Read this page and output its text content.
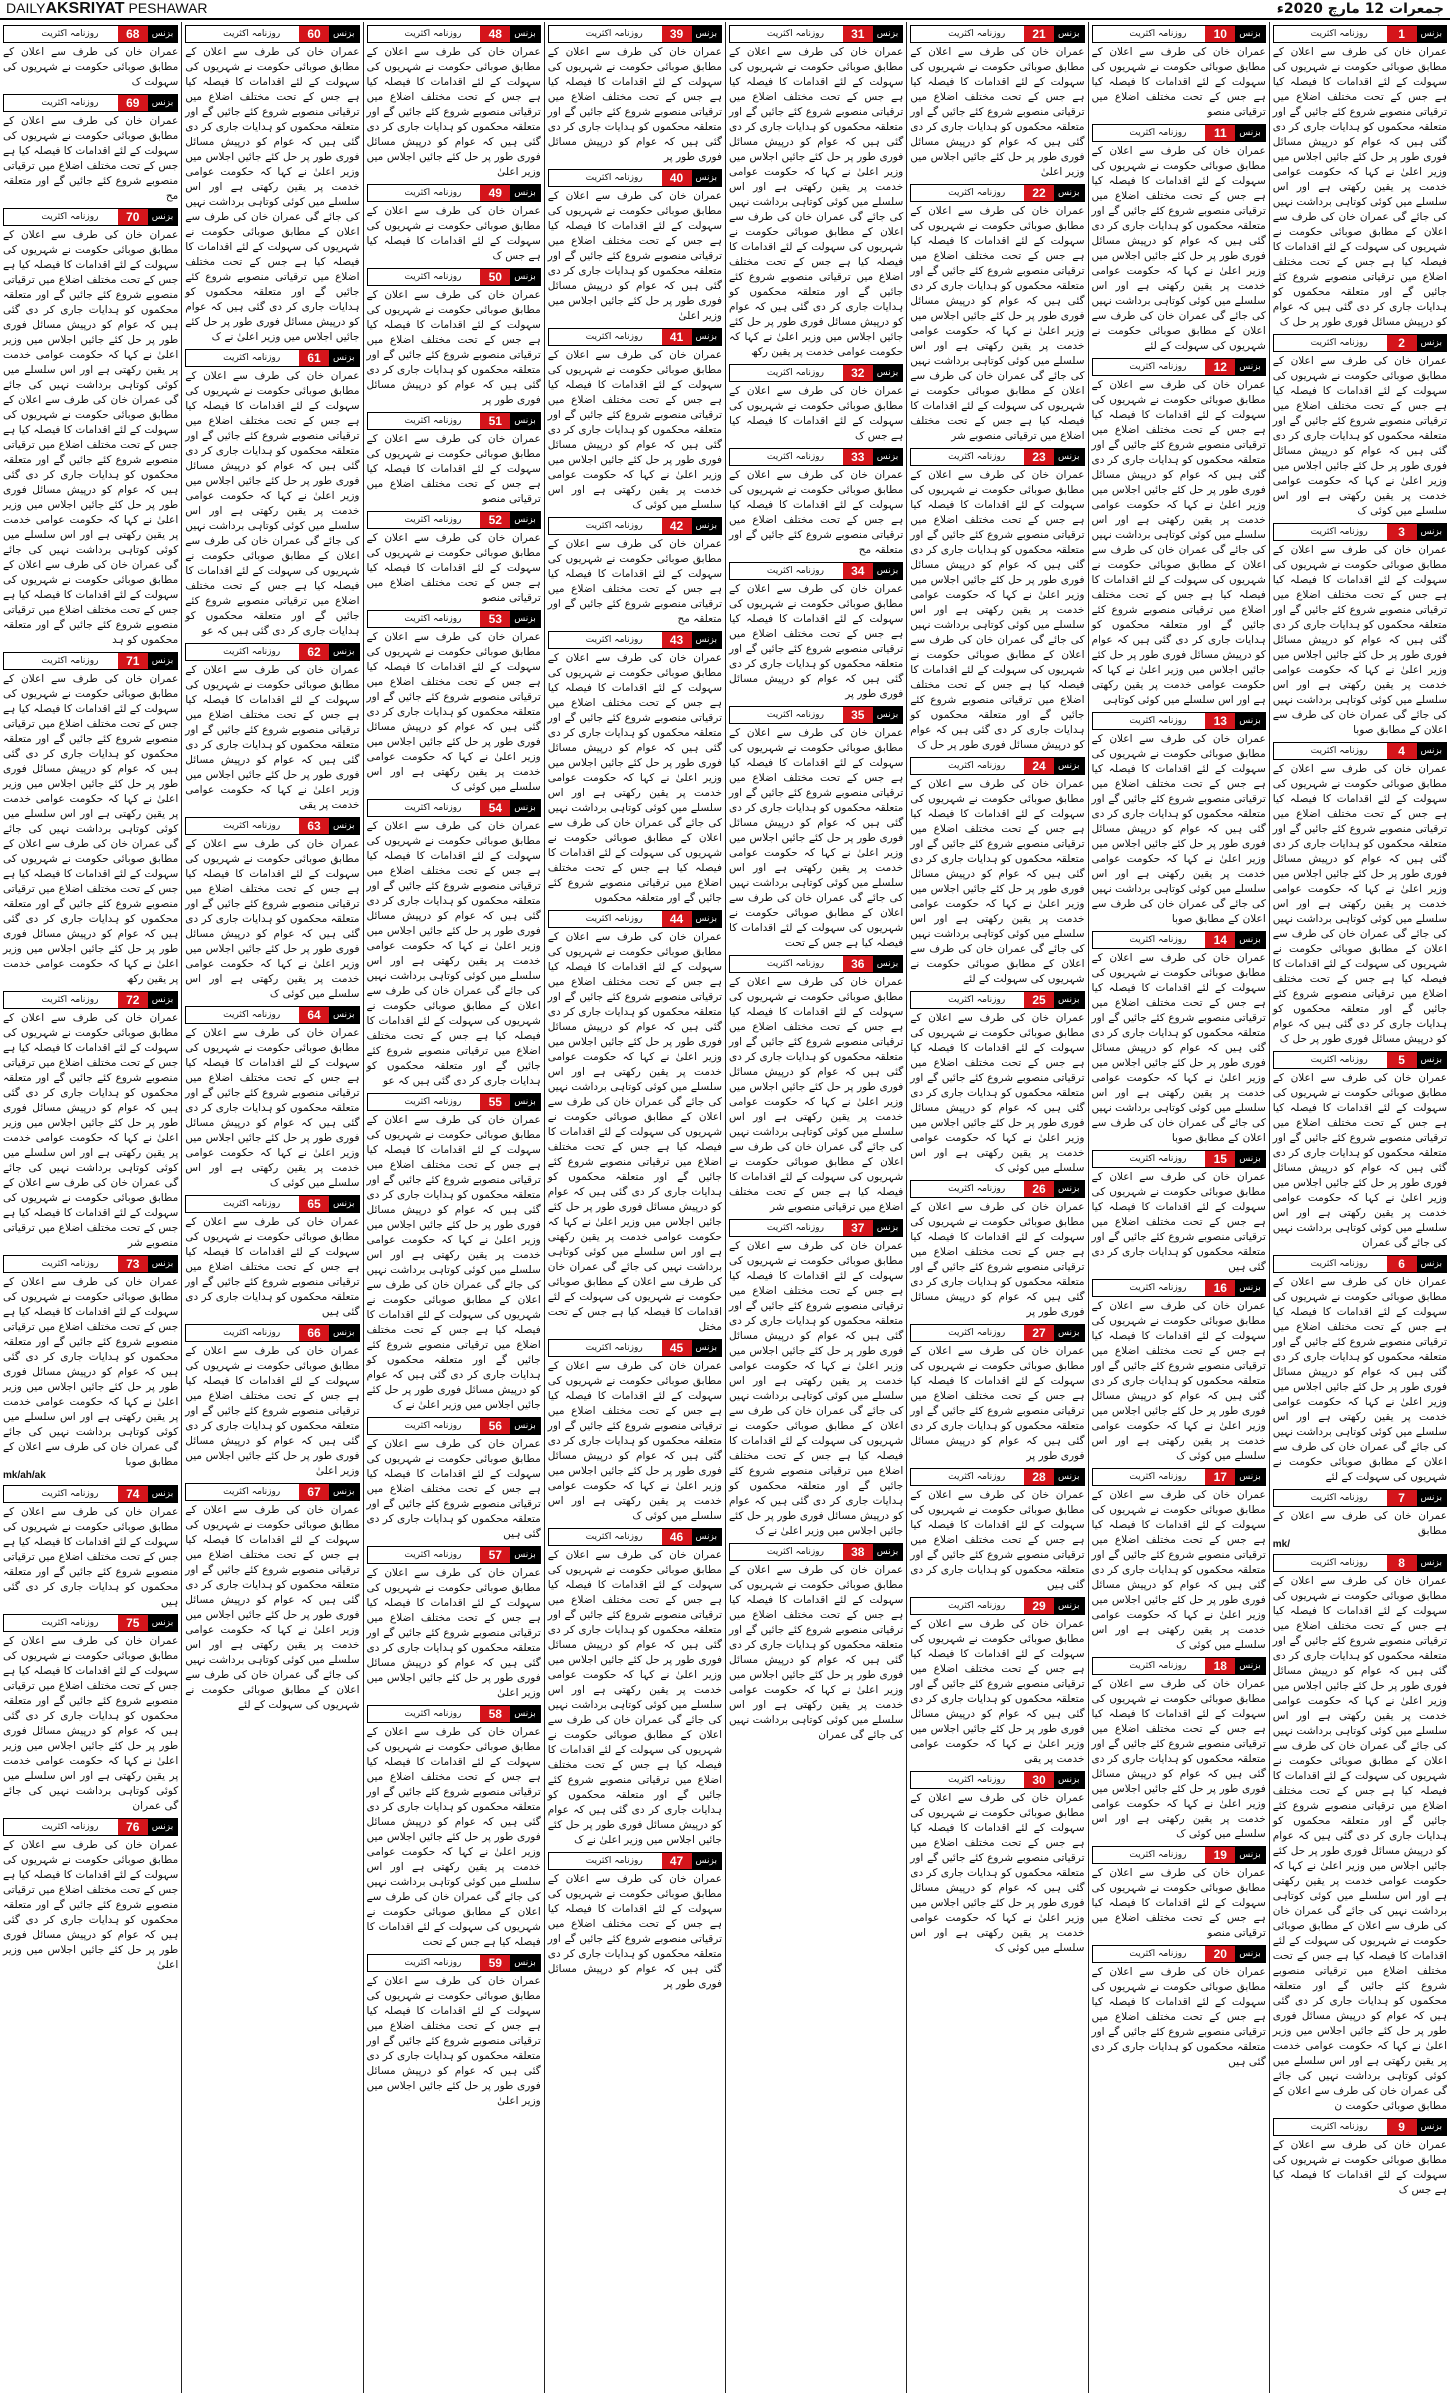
DAILYAKSRIYAT PESHAWAR	جمعرات 12 مارچ 2020ء
بزنس
1
روزنامہ اکثریت
عمران خان کی طرف سے اعلان کے مطابق صوبائی حکومت نے شہریوں کی سہولت کے لئے اقدامات کا فیصلہ کیا ہے جس کے تحت مختلف اضلاع میں ترقیاتی منصوبے شروع کئے جائیں گے اور متعلقہ محکموں کو ہدایات جاری کر دی گئی ہیں کہ عوام کو درپیش مسائل فوری طور پر حل کئے جائیں اجلاس میں وزیر اعلیٰ نے کہا کہ حکومت عوامی خدمت پر یقین رکھتی ہے اور اس سلسلے میں کوئی کوتاہی برداشت نہیں کی جائے گی عمران خان کی طرف سے اعلان کے مطابق صوبائی حکومت نے شہریوں کی سہولت کے لئے اقدامات کا فیصلہ کیا ہے جس کے تحت مختلف اضلاع میں ترقیاتی منصوبے شروع کئے جائیں گے اور متعلقہ محکموں کو ہدایات جاری کر دی گئی ہیں کہ عوام کو درپیش مسائل فوری طور پر حل ک
بزنس
2
روزنامہ اکثریت
عمران خان کی طرف سے اعلان کے مطابق صوبائی حکومت نے شہریوں کی سہولت کے لئے اقدامات کا فیصلہ کیا ہے جس کے تحت مختلف اضلاع میں ترقیاتی منصوبے شروع کئے جائیں گے اور متعلقہ محکموں کو ہدایات جاری کر دی گئی ہیں کہ عوام کو درپیش مسائل فوری طور پر حل کئے جائیں اجلاس میں وزیر اعلیٰ نے کہا کہ حکومت عوامی خدمت پر یقین رکھتی ہے اور اس سلسلے میں کوئی ک
بزنس
3
روزنامہ اکثریت
عمران خان کی طرف سے اعلان کے مطابق صوبائی حکومت نے شہریوں کی سہولت کے لئے اقدامات کا فیصلہ کیا ہے جس کے تحت مختلف اضلاع میں ترقیاتی منصوبے شروع کئے جائیں گے اور متعلقہ محکموں کو ہدایات جاری کر دی گئی ہیں کہ عوام کو درپیش مسائل فوری طور پر حل کئے جائیں اجلاس میں وزیر اعلیٰ نے کہا کہ حکومت عوامی خدمت پر یقین رکھتی ہے اور اس سلسلے میں کوئی کوتاہی برداشت نہیں کی جائے گی عمران خان کی طرف سے اعلان کے مطابق صوبا
بزنس
4
روزنامہ اکثریت
عمران خان کی طرف سے اعلان کے مطابق صوبائی حکومت نے شہریوں کی سہولت کے لئے اقدامات کا فیصلہ کیا ہے جس کے تحت مختلف اضلاع میں ترقیاتی منصوبے شروع کئے جائیں گے اور متعلقہ محکموں کو ہدایات جاری کر دی گئی ہیں کہ عوام کو درپیش مسائل فوری طور پر حل کئے جائیں اجلاس میں وزیر اعلیٰ نے کہا کہ حکومت عوامی خدمت پر یقین رکھتی ہے اور اس سلسلے میں کوئی کوتاہی برداشت نہیں کی جائے گی عمران خان کی طرف سے اعلان کے مطابق صوبائی حکومت نے شہریوں کی سہولت کے لئے اقدامات کا فیصلہ کیا ہے جس کے تحت مختلف اضلاع میں ترقیاتی منصوبے شروع کئے جائیں گے اور متعلقہ محکموں کو ہدایات جاری کر دی گئی ہیں کہ عوام کو درپیش مسائل فوری طور پر حل ک
بزنس
5
روزنامہ اکثریت
عمران خان کی طرف سے اعلان کے مطابق صوبائی حکومت نے شہریوں کی سہولت کے لئے اقدامات کا فیصلہ کیا ہے جس کے تحت مختلف اضلاع میں ترقیاتی منصوبے شروع کئے جائیں گے اور متعلقہ محکموں کو ہدایات جاری کر دی گئی ہیں کہ عوام کو درپیش مسائل فوری طور پر حل کئے جائیں اجلاس میں وزیر اعلیٰ نے کہا کہ حکومت عوامی خدمت پر یقین رکھتی ہے اور اس سلسلے میں کوئی کوتاہی برداشت نہیں کی جائے گی عمران
بزنس
6
روزنامہ اکثریت
عمران خان کی طرف سے اعلان کے مطابق صوبائی حکومت نے شہریوں کی سہولت کے لئے اقدامات کا فیصلہ کیا ہے جس کے تحت مختلف اضلاع میں ترقیاتی منصوبے شروع کئے جائیں گے اور متعلقہ محکموں کو ہدایات جاری کر دی گئی ہیں کہ عوام کو درپیش مسائل فوری طور پر حل کئے جائیں اجلاس میں وزیر اعلیٰ نے کہا کہ حکومت عوامی خدمت پر یقین رکھتی ہے اور اس سلسلے میں کوئی کوتاہی برداشت نہیں کی جائے گی عمران خان کی طرف سے اعلان کے مطابق صوبائی حکومت نے شہریوں کی سہولت کے لئے
بزنس
7
روزنامہ اکثریت
عمران خان کی طرف سے اعلان کے مطابق
mk/
بزنس
8
روزنامہ اکثریت
عمران خان کی طرف سے اعلان کے مطابق صوبائی حکومت نے شہریوں کی سہولت کے لئے اقدامات کا فیصلہ کیا ہے جس کے تحت مختلف اضلاع میں ترقیاتی منصوبے شروع کئے جائیں گے اور متعلقہ محکموں کو ہدایات جاری کر دی گئی ہیں کہ عوام کو درپیش مسائل فوری طور پر حل کئے جائیں اجلاس میں وزیر اعلیٰ نے کہا کہ حکومت عوامی خدمت پر یقین رکھتی ہے اور اس سلسلے میں کوئی کوتاہی برداشت نہیں کی جائے گی عمران خان کی طرف سے اعلان کے مطابق صوبائی حکومت نے شہریوں کی سہولت کے لئے اقدامات کا فیصلہ کیا ہے جس کے تحت مختلف اضلاع میں ترقیاتی منصوبے شروع کئے جائیں گے اور متعلقہ محکموں کو ہدایات جاری کر دی گئی ہیں کہ عوام کو درپیش مسائل فوری طور پر حل کئے جائیں اجلاس میں وزیر اعلیٰ نے کہا کہ حکومت عوامی خدمت پر یقین رکھتی ہے اور اس سلسلے میں کوئی کوتاہی برداشت نہیں کی جائے گی عمران خان کی طرف سے اعلان کے مطابق صوبائی حکومت نے شہریوں کی سہولت کے لئے اقدامات کا فیصلہ کیا ہے جس کے تحت مختلف اضلاع میں ترقیاتی منصوبے شروع کئے جائیں گے اور متعلقہ محکموں کو ہدایات جاری کر دی گئی ہیں کہ عوام کو درپیش مسائل فوری طور پر حل کئے جائیں اجلاس میں وزیر اعلیٰ نے کہا کہ حکومت عوامی خدمت پر یقین رکھتی ہے اور اس سلسلے میں کوئی کوتاہی برداشت نہیں کی جائے گی عمران خان کی طرف سے اعلان کے مطابق صوبائی حکومت ن
بزنس
9
روزنامہ اکثریت
عمران خان کی طرف سے اعلان کے مطابق صوبائی حکومت نے شہریوں کی سہولت کے لئے اقدامات کا فیصلہ کیا ہے جس ک
بزنس
10
روزنامہ اکثریت
عمران خان کی طرف سے اعلان کے مطابق صوبائی حکومت نے شہریوں کی سہولت کے لئے اقدامات کا فیصلہ کیا ہے جس کے تحت مختلف اضلاع میں ترقیاتی منصو
بزنس
11
روزنامہ اکثریت
عمران خان کی طرف سے اعلان کے مطابق صوبائی حکومت نے شہریوں کی سہولت کے لئے اقدامات کا فیصلہ کیا ہے جس کے تحت مختلف اضلاع میں ترقیاتی منصوبے شروع کئے جائیں گے اور متعلقہ محکموں کو ہدایات جاری کر دی گئی ہیں کہ عوام کو درپیش مسائل فوری طور پر حل کئے جائیں اجلاس میں وزیر اعلیٰ نے کہا کہ حکومت عوامی خدمت پر یقین رکھتی ہے اور اس سلسلے میں کوئی کوتاہی برداشت نہیں کی جائے گی عمران خان کی طرف سے اعلان کے مطابق صوبائی حکومت نے شہریوں کی سہولت کے لئے
بزنس
12
روزنامہ اکثریت
عمران خان کی طرف سے اعلان کے مطابق صوبائی حکومت نے شہریوں کی سہولت کے لئے اقدامات کا فیصلہ کیا ہے جس کے تحت مختلف اضلاع میں ترقیاتی منصوبے شروع کئے جائیں گے اور متعلقہ محکموں کو ہدایات جاری کر دی گئی ہیں کہ عوام کو درپیش مسائل فوری طور پر حل کئے جائیں اجلاس میں وزیر اعلیٰ نے کہا کہ حکومت عوامی خدمت پر یقین رکھتی ہے اور اس سلسلے میں کوئی کوتاہی برداشت نہیں کی جائے گی عمران خان کی طرف سے اعلان کے مطابق صوبائی حکومت نے شہریوں کی سہولت کے لئے اقدامات کا فیصلہ کیا ہے جس کے تحت مختلف اضلاع میں ترقیاتی منصوبے شروع کئے جائیں گے اور متعلقہ محکموں کو ہدایات جاری کر دی گئی ہیں کہ عوام کو درپیش مسائل فوری طور پر حل کئے جائیں اجلاس میں وزیر اعلیٰ نے کہا کہ حکومت عوامی خدمت پر یقین رکھتی ہے اور اس سلسلے میں کوئی کوتاہی
بزنس
13
روزنامہ اکثریت
عمران خان کی طرف سے اعلان کے مطابق صوبائی حکومت نے شہریوں کی سہولت کے لئے اقدامات کا فیصلہ کیا ہے جس کے تحت مختلف اضلاع میں ترقیاتی منصوبے شروع کئے جائیں گے اور متعلقہ محکموں کو ہدایات جاری کر دی گئی ہیں کہ عوام کو درپیش مسائل فوری طور پر حل کئے جائیں اجلاس میں وزیر اعلیٰ نے کہا کہ حکومت عوامی خدمت پر یقین رکھتی ہے اور اس سلسلے میں کوئی کوتاہی برداشت نہیں کی جائے گی عمران خان کی طرف سے اعلان کے مطابق صوبا
بزنس
14
روزنامہ اکثریت
عمران خان کی طرف سے اعلان کے مطابق صوبائی حکومت نے شہریوں کی سہولت کے لئے اقدامات کا فیصلہ کیا ہے جس کے تحت مختلف اضلاع میں ترقیاتی منصوبے شروع کئے جائیں گے اور متعلقہ محکموں کو ہدایات جاری کر دی گئی ہیں کہ عوام کو درپیش مسائل فوری طور پر حل کئے جائیں اجلاس میں وزیر اعلیٰ نے کہا کہ حکومت عوامی خدمت پر یقین رکھتی ہے اور اس سلسلے میں کوئی کوتاہی برداشت نہیں کی جائے گی عمران خان کی طرف سے اعلان کے مطابق صوبا
بزنس
15
روزنامہ اکثریت
عمران خان کی طرف سے اعلان کے مطابق صوبائی حکومت نے شہریوں کی سہولت کے لئے اقدامات کا فیصلہ کیا ہے جس کے تحت مختلف اضلاع میں ترقیاتی منصوبے شروع کئے جائیں گے اور متعلقہ محکموں کو ہدایات جاری کر دی گئی ہیں
بزنس
16
روزنامہ اکثریت
عمران خان کی طرف سے اعلان کے مطابق صوبائی حکومت نے شہریوں کی سہولت کے لئے اقدامات کا فیصلہ کیا ہے جس کے تحت مختلف اضلاع میں ترقیاتی منصوبے شروع کئے جائیں گے اور متعلقہ محکموں کو ہدایات جاری کر دی گئی ہیں کہ عوام کو درپیش مسائل فوری طور پر حل کئے جائیں اجلاس میں وزیر اعلیٰ نے کہا کہ حکومت عوامی خدمت پر یقین رکھتی ہے اور اس سلسلے میں کوئی ک
بزنس
17
روزنامہ اکثریت
عمران خان کی طرف سے اعلان کے مطابق صوبائی حکومت نے شہریوں کی سہولت کے لئے اقدامات کا فیصلہ کیا ہے جس کے تحت مختلف اضلاع میں ترقیاتی منصوبے شروع کئے جائیں گے اور متعلقہ محکموں کو ہدایات جاری کر دی گئی ہیں کہ عوام کو درپیش مسائل فوری طور پر حل کئے جائیں اجلاس میں وزیر اعلیٰ نے کہا کہ حکومت عوامی خدمت پر یقین رکھتی ہے اور اس سلسلے میں کوئی ک
بزنس
18
روزنامہ اکثریت
عمران خان کی طرف سے اعلان کے مطابق صوبائی حکومت نے شہریوں کی سہولت کے لئے اقدامات کا فیصلہ کیا ہے جس کے تحت مختلف اضلاع میں ترقیاتی منصوبے شروع کئے جائیں گے اور متعلقہ محکموں کو ہدایات جاری کر دی گئی ہیں کہ عوام کو درپیش مسائل فوری طور پر حل کئے جائیں اجلاس میں وزیر اعلیٰ نے کہا کہ حکومت عوامی خدمت پر یقین رکھتی ہے اور اس سلسلے میں کوئی ک
بزنس
19
روزنامہ اکثریت
عمران خان کی طرف سے اعلان کے مطابق صوبائی حکومت نے شہریوں کی سہولت کے لئے اقدامات کا فیصلہ کیا ہے جس کے تحت مختلف اضلاع میں ترقیاتی منصو
بزنس
20
روزنامہ اکثریت
عمران خان کی طرف سے اعلان کے مطابق صوبائی حکومت نے شہریوں کی سہولت کے لئے اقدامات کا فیصلہ کیا ہے جس کے تحت مختلف اضلاع میں ترقیاتی منصوبے شروع کئے جائیں گے اور متعلقہ محکموں کو ہدایات جاری کر دی گئی ہیں
بزنس
21
روزنامہ اکثریت
عمران خان کی طرف سے اعلان کے مطابق صوبائی حکومت نے شہریوں کی سہولت کے لئے اقدامات کا فیصلہ کیا ہے جس کے تحت مختلف اضلاع میں ترقیاتی منصوبے شروع کئے جائیں گے اور متعلقہ محکموں کو ہدایات جاری کر دی گئی ہیں کہ عوام کو درپیش مسائل فوری طور پر حل کئے جائیں اجلاس میں وزیر اعلیٰ
بزنس
22
روزنامہ اکثریت
عمران خان کی طرف سے اعلان کے مطابق صوبائی حکومت نے شہریوں کی سہولت کے لئے اقدامات کا فیصلہ کیا ہے جس کے تحت مختلف اضلاع میں ترقیاتی منصوبے شروع کئے جائیں گے اور متعلقہ محکموں کو ہدایات جاری کر دی گئی ہیں کہ عوام کو درپیش مسائل فوری طور پر حل کئے جائیں اجلاس میں وزیر اعلیٰ نے کہا کہ حکومت عوامی خدمت پر یقین رکھتی ہے اور اس سلسلے میں کوئی کوتاہی برداشت نہیں کی جائے گی عمران خان کی طرف سے اعلان کے مطابق صوبائی حکومت نے شہریوں کی سہولت کے لئے اقدامات کا فیصلہ کیا ہے جس کے تحت مختلف اضلاع میں ترقیاتی منصوبے شر
بزنس
23
روزنامہ اکثریت
عمران خان کی طرف سے اعلان کے مطابق صوبائی حکومت نے شہریوں کی سہولت کے لئے اقدامات کا فیصلہ کیا ہے جس کے تحت مختلف اضلاع میں ترقیاتی منصوبے شروع کئے جائیں گے اور متعلقہ محکموں کو ہدایات جاری کر دی گئی ہیں کہ عوام کو درپیش مسائل فوری طور پر حل کئے جائیں اجلاس میں وزیر اعلیٰ نے کہا کہ حکومت عوامی خدمت پر یقین رکھتی ہے اور اس سلسلے میں کوئی کوتاہی برداشت نہیں کی جائے گی عمران خان کی طرف سے اعلان کے مطابق صوبائی حکومت نے شہریوں کی سہولت کے لئے اقدامات کا فیصلہ کیا ہے جس کے تحت مختلف اضلاع میں ترقیاتی منصوبے شروع کئے جائیں گے اور متعلقہ محکموں کو ہدایات جاری کر دی گئی ہیں کہ عوام کو درپیش مسائل فوری طور پر حل ک
بزنس
24
روزنامہ اکثریت
عمران خان کی طرف سے اعلان کے مطابق صوبائی حکومت نے شہریوں کی سہولت کے لئے اقدامات کا فیصلہ کیا ہے جس کے تحت مختلف اضلاع میں ترقیاتی منصوبے شروع کئے جائیں گے اور متعلقہ محکموں کو ہدایات جاری کر دی گئی ہیں کہ عوام کو درپیش مسائل فوری طور پر حل کئے جائیں اجلاس میں وزیر اعلیٰ نے کہا کہ حکومت عوامی خدمت پر یقین رکھتی ہے اور اس سلسلے میں کوئی کوتاہی برداشت نہیں کی جائے گی عمران خان کی طرف سے اعلان کے مطابق صوبائی حکومت نے شہریوں کی سہولت کے لئے
بزنس
25
روزنامہ اکثریت
عمران خان کی طرف سے اعلان کے مطابق صوبائی حکومت نے شہریوں کی سہولت کے لئے اقدامات کا فیصلہ کیا ہے جس کے تحت مختلف اضلاع میں ترقیاتی منصوبے شروع کئے جائیں گے اور متعلقہ محکموں کو ہدایات جاری کر دی گئی ہیں کہ عوام کو درپیش مسائل فوری طور پر حل کئے جائیں اجلاس میں وزیر اعلیٰ نے کہا کہ حکومت عوامی خدمت پر یقین رکھتی ہے اور اس سلسلے میں کوئی ک
بزنس
26
روزنامہ اکثریت
عمران خان کی طرف سے اعلان کے مطابق صوبائی حکومت نے شہریوں کی سہولت کے لئے اقدامات کا فیصلہ کیا ہے جس کے تحت مختلف اضلاع میں ترقیاتی منصوبے شروع کئے جائیں گے اور متعلقہ محکموں کو ہدایات جاری کر دی گئی ہیں کہ عوام کو درپیش مسائل فوری طور پر
بزنس
27
روزنامہ اکثریت
عمران خان کی طرف سے اعلان کے مطابق صوبائی حکومت نے شہریوں کی سہولت کے لئے اقدامات کا فیصلہ کیا ہے جس کے تحت مختلف اضلاع میں ترقیاتی منصوبے شروع کئے جائیں گے اور متعلقہ محکموں کو ہدایات جاری کر دی گئی ہیں کہ عوام کو درپیش مسائل فوری طور پر
بزنس
28
روزنامہ اکثریت
عمران خان کی طرف سے اعلان کے مطابق صوبائی حکومت نے شہریوں کی سہولت کے لئے اقدامات کا فیصلہ کیا ہے جس کے تحت مختلف اضلاع میں ترقیاتی منصوبے شروع کئے جائیں گے اور متعلقہ محکموں کو ہدایات جاری کر دی گئی ہیں
بزنس
29
روزنامہ اکثریت
عمران خان کی طرف سے اعلان کے مطابق صوبائی حکومت نے شہریوں کی سہولت کے لئے اقدامات کا فیصلہ کیا ہے جس کے تحت مختلف اضلاع میں ترقیاتی منصوبے شروع کئے جائیں گے اور متعلقہ محکموں کو ہدایات جاری کر دی گئی ہیں کہ عوام کو درپیش مسائل فوری طور پر حل کئے جائیں اجلاس میں وزیر اعلیٰ نے کہا کہ حکومت عوامی خدمت پر یقی
بزنس
30
روزنامہ اکثریت
عمران خان کی طرف سے اعلان کے مطابق صوبائی حکومت نے شہریوں کی سہولت کے لئے اقدامات کا فیصلہ کیا ہے جس کے تحت مختلف اضلاع میں ترقیاتی منصوبے شروع کئے جائیں گے اور متعلقہ محکموں کو ہدایات جاری کر دی گئی ہیں کہ عوام کو درپیش مسائل فوری طور پر حل کئے جائیں اجلاس میں وزیر اعلیٰ نے کہا کہ حکومت عوامی خدمت پر یقین رکھتی ہے اور اس سلسلے میں کوئی ک
بزنس
31
روزنامہ اکثریت
عمران خان کی طرف سے اعلان کے مطابق صوبائی حکومت نے شہریوں کی سہولت کے لئے اقدامات کا فیصلہ کیا ہے جس کے تحت مختلف اضلاع میں ترقیاتی منصوبے شروع کئے جائیں گے اور متعلقہ محکموں کو ہدایات جاری کر دی گئی ہیں کہ عوام کو درپیش مسائل فوری طور پر حل کئے جائیں اجلاس میں وزیر اعلیٰ نے کہا کہ حکومت عوامی خدمت پر یقین رکھتی ہے اور اس سلسلے میں کوئی کوتاہی برداشت نہیں کی جائے گی عمران خان کی طرف سے اعلان کے مطابق صوبائی حکومت نے شہریوں کی سہولت کے لئے اقدامات کا فیصلہ کیا ہے جس کے تحت مختلف اضلاع میں ترقیاتی منصوبے شروع کئے جائیں گے اور متعلقہ محکموں کو ہدایات جاری کر دی گئی ہیں کہ عوام کو درپیش مسائل فوری طور پر حل کئے جائیں اجلاس میں وزیر اعلیٰ نے کہا کہ حکومت عوامی خدمت پر یقین رکھ
بزنس
32
روزنامہ اکثریت
عمران خان کی طرف سے اعلان کے مطابق صوبائی حکومت نے شہریوں کی سہولت کے لئے اقدامات کا فیصلہ کیا ہے جس ک
بزنس
33
روزنامہ اکثریت
عمران خان کی طرف سے اعلان کے مطابق صوبائی حکومت نے شہریوں کی سہولت کے لئے اقدامات کا فیصلہ کیا ہے جس کے تحت مختلف اضلاع میں ترقیاتی منصوبے شروع کئے جائیں گے اور متعلقہ مح
بزنس
34
روزنامہ اکثریت
عمران خان کی طرف سے اعلان کے مطابق صوبائی حکومت نے شہریوں کی سہولت کے لئے اقدامات کا فیصلہ کیا ہے جس کے تحت مختلف اضلاع میں ترقیاتی منصوبے شروع کئے جائیں گے اور متعلقہ محکموں کو ہدایات جاری کر دی گئی ہیں کہ عوام کو درپیش مسائل فوری طور پر
بزنس
35
روزنامہ اکثریت
عمران خان کی طرف سے اعلان کے مطابق صوبائی حکومت نے شہریوں کی سہولت کے لئے اقدامات کا فیصلہ کیا ہے جس کے تحت مختلف اضلاع میں ترقیاتی منصوبے شروع کئے جائیں گے اور متعلقہ محکموں کو ہدایات جاری کر دی گئی ہیں کہ عوام کو درپیش مسائل فوری طور پر حل کئے جائیں اجلاس میں وزیر اعلیٰ نے کہا کہ حکومت عوامی خدمت پر یقین رکھتی ہے اور اس سلسلے میں کوئی کوتاہی برداشت نہیں کی جائے گی عمران خان کی طرف سے اعلان کے مطابق صوبائی حکومت نے شہریوں کی سہولت کے لئے اقدامات کا فیصلہ کیا ہے جس کے تحت
بزنس
36
روزنامہ اکثریت
عمران خان کی طرف سے اعلان کے مطابق صوبائی حکومت نے شہریوں کی سہولت کے لئے اقدامات کا فیصلہ کیا ہے جس کے تحت مختلف اضلاع میں ترقیاتی منصوبے شروع کئے جائیں گے اور متعلقہ محکموں کو ہدایات جاری کر دی گئی ہیں کہ عوام کو درپیش مسائل فوری طور پر حل کئے جائیں اجلاس میں وزیر اعلیٰ نے کہا کہ حکومت عوامی خدمت پر یقین رکھتی ہے اور اس سلسلے میں کوئی کوتاہی برداشت نہیں کی جائے گی عمران خان کی طرف سے اعلان کے مطابق صوبائی حکومت نے شہریوں کی سہولت کے لئے اقدامات کا فیصلہ کیا ہے جس کے تحت مختلف اضلاع میں ترقیاتی منصوبے شر
بزنس
37
روزنامہ اکثریت
عمران خان کی طرف سے اعلان کے مطابق صوبائی حکومت نے شہریوں کی سہولت کے لئے اقدامات کا فیصلہ کیا ہے جس کے تحت مختلف اضلاع میں ترقیاتی منصوبے شروع کئے جائیں گے اور متعلقہ محکموں کو ہدایات جاری کر دی گئی ہیں کہ عوام کو درپیش مسائل فوری طور پر حل کئے جائیں اجلاس میں وزیر اعلیٰ نے کہا کہ حکومت عوامی خدمت پر یقین رکھتی ہے اور اس سلسلے میں کوئی کوتاہی برداشت نہیں کی جائے گی عمران خان کی طرف سے اعلان کے مطابق صوبائی حکومت نے شہریوں کی سہولت کے لئے اقدامات کا فیصلہ کیا ہے جس کے تحت مختلف اضلاع میں ترقیاتی منصوبے شروع کئے جائیں گے اور متعلقہ محکموں کو ہدایات جاری کر دی گئی ہیں کہ عوام کو درپیش مسائل فوری طور پر حل کئے جائیں اجلاس میں وزیر اعلیٰ نے ک
بزنس
38
روزنامہ اکثریت
عمران خان کی طرف سے اعلان کے مطابق صوبائی حکومت نے شہریوں کی سہولت کے لئے اقدامات کا فیصلہ کیا ہے جس کے تحت مختلف اضلاع میں ترقیاتی منصوبے شروع کئے جائیں گے اور متعلقہ محکموں کو ہدایات جاری کر دی گئی ہیں کہ عوام کو درپیش مسائل فوری طور پر حل کئے جائیں اجلاس میں وزیر اعلیٰ نے کہا کہ حکومت عوامی خدمت پر یقین رکھتی ہے اور اس سلسلے میں کوئی کوتاہی برداشت نہیں کی جائے گی عمران
بزنس
39
روزنامہ اکثریت
عمران خان کی طرف سے اعلان کے مطابق صوبائی حکومت نے شہریوں کی سہولت کے لئے اقدامات کا فیصلہ کیا ہے جس کے تحت مختلف اضلاع میں ترقیاتی منصوبے شروع کئے جائیں گے اور متعلقہ محکموں کو ہدایات جاری کر دی گئی ہیں کہ عوام کو درپیش مسائل فوری طور پر
بزنس
40
روزنامہ اکثریت
عمران خان کی طرف سے اعلان کے مطابق صوبائی حکومت نے شہریوں کی سہولت کے لئے اقدامات کا فیصلہ کیا ہے جس کے تحت مختلف اضلاع میں ترقیاتی منصوبے شروع کئے جائیں گے اور متعلقہ محکموں کو ہدایات جاری کر دی گئی ہیں کہ عوام کو درپیش مسائل فوری طور پر حل کئے جائیں اجلاس میں وزیر اعلیٰ
بزنس
41
روزنامہ اکثریت
عمران خان کی طرف سے اعلان کے مطابق صوبائی حکومت نے شہریوں کی سہولت کے لئے اقدامات کا فیصلہ کیا ہے جس کے تحت مختلف اضلاع میں ترقیاتی منصوبے شروع کئے جائیں گے اور متعلقہ محکموں کو ہدایات جاری کر دی گئی ہیں کہ عوام کو درپیش مسائل فوری طور پر حل کئے جائیں اجلاس میں وزیر اعلیٰ نے کہا کہ حکومت عوامی خدمت پر یقین رکھتی ہے اور اس سلسلے میں کوئی ک
بزنس
42
روزنامہ اکثریت
عمران خان کی طرف سے اعلان کے مطابق صوبائی حکومت نے شہریوں کی سہولت کے لئے اقدامات کا فیصلہ کیا ہے جس کے تحت مختلف اضلاع میں ترقیاتی منصوبے شروع کئے جائیں گے اور متعلقہ مح
بزنس
43
روزنامہ اکثریت
عمران خان کی طرف سے اعلان کے مطابق صوبائی حکومت نے شہریوں کی سہولت کے لئے اقدامات کا فیصلہ کیا ہے جس کے تحت مختلف اضلاع میں ترقیاتی منصوبے شروع کئے جائیں گے اور متعلقہ محکموں کو ہدایات جاری کر دی گئی ہیں کہ عوام کو درپیش مسائل فوری طور پر حل کئے جائیں اجلاس میں وزیر اعلیٰ نے کہا کہ حکومت عوامی خدمت پر یقین رکھتی ہے اور اس سلسلے میں کوئی کوتاہی برداشت نہیں کی جائے گی عمران خان کی طرف سے اعلان کے مطابق صوبائی حکومت نے شہریوں کی سہولت کے لئے اقدامات کا فیصلہ کیا ہے جس کے تحت مختلف اضلاع میں ترقیاتی منصوبے شروع کئے جائیں گے اور متعلقہ محکموں
بزنس
44
روزنامہ اکثریت
عمران خان کی طرف سے اعلان کے مطابق صوبائی حکومت نے شہریوں کی سہولت کے لئے اقدامات کا فیصلہ کیا ہے جس کے تحت مختلف اضلاع میں ترقیاتی منصوبے شروع کئے جائیں گے اور متعلقہ محکموں کو ہدایات جاری کر دی گئی ہیں کہ عوام کو درپیش مسائل فوری طور پر حل کئے جائیں اجلاس میں وزیر اعلیٰ نے کہا کہ حکومت عوامی خدمت پر یقین رکھتی ہے اور اس سلسلے میں کوئی کوتاہی برداشت نہیں کی جائے گی عمران خان کی طرف سے اعلان کے مطابق صوبائی حکومت نے شہریوں کی سہولت کے لئے اقدامات کا فیصلہ کیا ہے جس کے تحت مختلف اضلاع میں ترقیاتی منصوبے شروع کئے جائیں گے اور متعلقہ محکموں کو ہدایات جاری کر دی گئی ہیں کہ عوام کو درپیش مسائل فوری طور پر حل کئے جائیں اجلاس میں وزیر اعلیٰ نے کہا کہ حکومت عوامی خدمت پر یقین رکھتی ہے اور اس سلسلے میں کوئی کوتاہی برداشت نہیں کی جائے گی عمران خان کی طرف سے اعلان کے مطابق صوبائی حکومت نے شہریوں کی سہولت کے لئے اقدامات کا فیصلہ کیا ہے جس کے تحت مختل
بزنس
45
روزنامہ اکثریت
عمران خان کی طرف سے اعلان کے مطابق صوبائی حکومت نے شہریوں کی سہولت کے لئے اقدامات کا فیصلہ کیا ہے جس کے تحت مختلف اضلاع میں ترقیاتی منصوبے شروع کئے جائیں گے اور متعلقہ محکموں کو ہدایات جاری کر دی گئی ہیں کہ عوام کو درپیش مسائل فوری طور پر حل کئے جائیں اجلاس میں وزیر اعلیٰ نے کہا کہ حکومت عوامی خدمت پر یقین رکھتی ہے اور اس سلسلے میں کوئی ک
بزنس
46
روزنامہ اکثریت
عمران خان کی طرف سے اعلان کے مطابق صوبائی حکومت نے شہریوں کی سہولت کے لئے اقدامات کا فیصلہ کیا ہے جس کے تحت مختلف اضلاع میں ترقیاتی منصوبے شروع کئے جائیں گے اور متعلقہ محکموں کو ہدایات جاری کر دی گئی ہیں کہ عوام کو درپیش مسائل فوری طور پر حل کئے جائیں اجلاس میں وزیر اعلیٰ نے کہا کہ حکومت عوامی خدمت پر یقین رکھتی ہے اور اس سلسلے میں کوئی کوتاہی برداشت نہیں کی جائے گی عمران خان کی طرف سے اعلان کے مطابق صوبائی حکومت نے شہریوں کی سہولت کے لئے اقدامات کا فیصلہ کیا ہے جس کے تحت مختلف اضلاع میں ترقیاتی منصوبے شروع کئے جائیں گے اور متعلقہ محکموں کو ہدایات جاری کر دی گئی ہیں کہ عوام کو درپیش مسائل فوری طور پر حل کئے جائیں اجلاس میں وزیر اعلیٰ نے ک
بزنس
47
روزنامہ اکثریت
عمران خان کی طرف سے اعلان کے مطابق صوبائی حکومت نے شہریوں کی سہولت کے لئے اقدامات کا فیصلہ کیا ہے جس کے تحت مختلف اضلاع میں ترقیاتی منصوبے شروع کئے جائیں گے اور متعلقہ محکموں کو ہدایات جاری کر دی گئی ہیں کہ عوام کو درپیش مسائل فوری طور پر
بزنس
48
روزنامہ اکثریت
عمران خان کی طرف سے اعلان کے مطابق صوبائی حکومت نے شہریوں کی سہولت کے لئے اقدامات کا فیصلہ کیا ہے جس کے تحت مختلف اضلاع میں ترقیاتی منصوبے شروع کئے جائیں گے اور متعلقہ محکموں کو ہدایات جاری کر دی گئی ہیں کہ عوام کو درپیش مسائل فوری طور پر حل کئے جائیں اجلاس میں وزیر اعلیٰ
بزنس
49
روزنامہ اکثریت
عمران خان کی طرف سے اعلان کے مطابق صوبائی حکومت نے شہریوں کی سہولت کے لئے اقدامات کا فیصلہ کیا ہے جس ک
بزنس
50
روزنامہ اکثریت
عمران خان کی طرف سے اعلان کے مطابق صوبائی حکومت نے شہریوں کی سہولت کے لئے اقدامات کا فیصلہ کیا ہے جس کے تحت مختلف اضلاع میں ترقیاتی منصوبے شروع کئے جائیں گے اور متعلقہ محکموں کو ہدایات جاری کر دی گئی ہیں کہ عوام کو درپیش مسائل فوری طور پر
بزنس
51
روزنامہ اکثریت
عمران خان کی طرف سے اعلان کے مطابق صوبائی حکومت نے شہریوں کی سہولت کے لئے اقدامات کا فیصلہ کیا ہے جس کے تحت مختلف اضلاع میں ترقیاتی منصو
بزنس
52
روزنامہ اکثریت
عمران خان کی طرف سے اعلان کے مطابق صوبائی حکومت نے شہریوں کی سہولت کے لئے اقدامات کا فیصلہ کیا ہے جس کے تحت مختلف اضلاع میں ترقیاتی منصو
بزنس
53
روزنامہ اکثریت
عمران خان کی طرف سے اعلان کے مطابق صوبائی حکومت نے شہریوں کی سہولت کے لئے اقدامات کا فیصلہ کیا ہے جس کے تحت مختلف اضلاع میں ترقیاتی منصوبے شروع کئے جائیں گے اور متعلقہ محکموں کو ہدایات جاری کر دی گئی ہیں کہ عوام کو درپیش مسائل فوری طور پر حل کئے جائیں اجلاس میں وزیر اعلیٰ نے کہا کہ حکومت عوامی خدمت پر یقین رکھتی ہے اور اس سلسلے میں کوئی ک
بزنس
54
روزنامہ اکثریت
عمران خان کی طرف سے اعلان کے مطابق صوبائی حکومت نے شہریوں کی سہولت کے لئے اقدامات کا فیصلہ کیا ہے جس کے تحت مختلف اضلاع میں ترقیاتی منصوبے شروع کئے جائیں گے اور متعلقہ محکموں کو ہدایات جاری کر دی گئی ہیں کہ عوام کو درپیش مسائل فوری طور پر حل کئے جائیں اجلاس میں وزیر اعلیٰ نے کہا کہ حکومت عوامی خدمت پر یقین رکھتی ہے اور اس سلسلے میں کوئی کوتاہی برداشت نہیں کی جائے گی عمران خان کی طرف سے اعلان کے مطابق صوبائی حکومت نے شہریوں کی سہولت کے لئے اقدامات کا فیصلہ کیا ہے جس کے تحت مختلف اضلاع میں ترقیاتی منصوبے شروع کئے جائیں گے اور متعلقہ محکموں کو ہدایات جاری کر دی گئی ہیں کہ عو
بزنس
55
روزنامہ اکثریت
عمران خان کی طرف سے اعلان کے مطابق صوبائی حکومت نے شہریوں کی سہولت کے لئے اقدامات کا فیصلہ کیا ہے جس کے تحت مختلف اضلاع میں ترقیاتی منصوبے شروع کئے جائیں گے اور متعلقہ محکموں کو ہدایات جاری کر دی گئی ہیں کہ عوام کو درپیش مسائل فوری طور پر حل کئے جائیں اجلاس میں وزیر اعلیٰ نے کہا کہ حکومت عوامی خدمت پر یقین رکھتی ہے اور اس سلسلے میں کوئی کوتاہی برداشت نہیں کی جائے گی عمران خان کی طرف سے اعلان کے مطابق صوبائی حکومت نے شہریوں کی سہولت کے لئے اقدامات کا فیصلہ کیا ہے جس کے تحت مختلف اضلاع میں ترقیاتی منصوبے شروع کئے جائیں گے اور متعلقہ محکموں کو ہدایات جاری کر دی گئی ہیں کہ عوام کو درپیش مسائل فوری طور پر حل کئے جائیں اجلاس میں وزیر اعلیٰ نے ک
بزنس
56
روزنامہ اکثریت
عمران خان کی طرف سے اعلان کے مطابق صوبائی حکومت نے شہریوں کی سہولت کے لئے اقدامات کا فیصلہ کیا ہے جس کے تحت مختلف اضلاع میں ترقیاتی منصوبے شروع کئے جائیں گے اور متعلقہ محکموں کو ہدایات جاری کر دی گئی ہیں
بزنس
57
روزنامہ اکثریت
عمران خان کی طرف سے اعلان کے مطابق صوبائی حکومت نے شہریوں کی سہولت کے لئے اقدامات کا فیصلہ کیا ہے جس کے تحت مختلف اضلاع میں ترقیاتی منصوبے شروع کئے جائیں گے اور متعلقہ محکموں کو ہدایات جاری کر دی گئی ہیں کہ عوام کو درپیش مسائل فوری طور پر حل کئے جائیں اجلاس میں وزیر اعلیٰ
بزنس
58
روزنامہ اکثریت
عمران خان کی طرف سے اعلان کے مطابق صوبائی حکومت نے شہریوں کی سہولت کے لئے اقدامات کا فیصلہ کیا ہے جس کے تحت مختلف اضلاع میں ترقیاتی منصوبے شروع کئے جائیں گے اور متعلقہ محکموں کو ہدایات جاری کر دی گئی ہیں کہ عوام کو درپیش مسائل فوری طور پر حل کئے جائیں اجلاس میں وزیر اعلیٰ نے کہا کہ حکومت عوامی خدمت پر یقین رکھتی ہے اور اس سلسلے میں کوئی کوتاہی برداشت نہیں کی جائے گی عمران خان کی طرف سے اعلان کے مطابق صوبائی حکومت نے شہریوں کی سہولت کے لئے اقدامات کا فیصلہ کیا ہے جس کے تحت
بزنس
59
روزنامہ اکثریت
عمران خان کی طرف سے اعلان کے مطابق صوبائی حکومت نے شہریوں کی سہولت کے لئے اقدامات کا فیصلہ کیا ہے جس کے تحت مختلف اضلاع میں ترقیاتی منصوبے شروع کئے جائیں گے اور متعلقہ محکموں کو ہدایات جاری کر دی گئی ہیں کہ عوام کو درپیش مسائل فوری طور پر حل کئے جائیں اجلاس میں وزیر اعلیٰ
بزنس
60
روزنامہ اکثریت
عمران خان کی طرف سے اعلان کے مطابق صوبائی حکومت نے شہریوں کی سہولت کے لئے اقدامات کا فیصلہ کیا ہے جس کے تحت مختلف اضلاع میں ترقیاتی منصوبے شروع کئے جائیں گے اور متعلقہ محکموں کو ہدایات جاری کر دی گئی ہیں کہ عوام کو درپیش مسائل فوری طور پر حل کئے جائیں اجلاس میں وزیر اعلیٰ نے کہا کہ حکومت عوامی خدمت پر یقین رکھتی ہے اور اس سلسلے میں کوئی کوتاہی برداشت نہیں کی جائے گی عمران خان کی طرف سے اعلان کے مطابق صوبائی حکومت نے شہریوں کی سہولت کے لئے اقدامات کا فیصلہ کیا ہے جس کے تحت مختلف اضلاع میں ترقیاتی منصوبے شروع کئے جائیں گے اور متعلقہ محکموں کو ہدایات جاری کر دی گئی ہیں کہ عوام کو درپیش مسائل فوری طور پر حل کئے جائیں اجلاس میں وزیر اعلیٰ نے ک
بزنس
61
روزنامہ اکثریت
عمران خان کی طرف سے اعلان کے مطابق صوبائی حکومت نے شہریوں کی سہولت کے لئے اقدامات کا فیصلہ کیا ہے جس کے تحت مختلف اضلاع میں ترقیاتی منصوبے شروع کئے جائیں گے اور متعلقہ محکموں کو ہدایات جاری کر دی گئی ہیں کہ عوام کو درپیش مسائل فوری طور پر حل کئے جائیں اجلاس میں وزیر اعلیٰ نے کہا کہ حکومت عوامی خدمت پر یقین رکھتی ہے اور اس سلسلے میں کوئی کوتاہی برداشت نہیں کی جائے گی عمران خان کی طرف سے اعلان کے مطابق صوبائی حکومت نے شہریوں کی سہولت کے لئے اقدامات کا فیصلہ کیا ہے جس کے تحت مختلف اضلاع میں ترقیاتی منصوبے شروع کئے جائیں گے اور متعلقہ محکموں کو ہدایات جاری کر دی گئی ہیں کہ عو
بزنس
62
روزنامہ اکثریت
عمران خان کی طرف سے اعلان کے مطابق صوبائی حکومت نے شہریوں کی سہولت کے لئے اقدامات کا فیصلہ کیا ہے جس کے تحت مختلف اضلاع میں ترقیاتی منصوبے شروع کئے جائیں گے اور متعلقہ محکموں کو ہدایات جاری کر دی گئی ہیں کہ عوام کو درپیش مسائل فوری طور پر حل کئے جائیں اجلاس میں وزیر اعلیٰ نے کہا کہ حکومت عوامی خدمت پر یقی
بزنس
63
روزنامہ اکثریت
عمران خان کی طرف سے اعلان کے مطابق صوبائی حکومت نے شہریوں کی سہولت کے لئے اقدامات کا فیصلہ کیا ہے جس کے تحت مختلف اضلاع میں ترقیاتی منصوبے شروع کئے جائیں گے اور متعلقہ محکموں کو ہدایات جاری کر دی گئی ہیں کہ عوام کو درپیش مسائل فوری طور پر حل کئے جائیں اجلاس میں وزیر اعلیٰ نے کہا کہ حکومت عوامی خدمت پر یقین رکھتی ہے اور اس سلسلے میں کوئی ک
بزنس
64
روزنامہ اکثریت
عمران خان کی طرف سے اعلان کے مطابق صوبائی حکومت نے شہریوں کی سہولت کے لئے اقدامات کا فیصلہ کیا ہے جس کے تحت مختلف اضلاع میں ترقیاتی منصوبے شروع کئے جائیں گے اور متعلقہ محکموں کو ہدایات جاری کر دی گئی ہیں کہ عوام کو درپیش مسائل فوری طور پر حل کئے جائیں اجلاس میں وزیر اعلیٰ نے کہا کہ حکومت عوامی خدمت پر یقین رکھتی ہے اور اس سلسلے میں کوئی ک
بزنس
65
روزنامہ اکثریت
عمران خان کی طرف سے اعلان کے مطابق صوبائی حکومت نے شہریوں کی سہولت کے لئے اقدامات کا فیصلہ کیا ہے جس کے تحت مختلف اضلاع میں ترقیاتی منصوبے شروع کئے جائیں گے اور متعلقہ محکموں کو ہدایات جاری کر دی گئی ہیں
بزنس
66
روزنامہ اکثریت
عمران خان کی طرف سے اعلان کے مطابق صوبائی حکومت نے شہریوں کی سہولت کے لئے اقدامات کا فیصلہ کیا ہے جس کے تحت مختلف اضلاع میں ترقیاتی منصوبے شروع کئے جائیں گے اور متعلقہ محکموں کو ہدایات جاری کر دی گئی ہیں کہ عوام کو درپیش مسائل فوری طور پر حل کئے جائیں اجلاس میں وزیر اعلیٰ
بزنس
67
روزنامہ اکثریت
عمران خان کی طرف سے اعلان کے مطابق صوبائی حکومت نے شہریوں کی سہولت کے لئے اقدامات کا فیصلہ کیا ہے جس کے تحت مختلف اضلاع میں ترقیاتی منصوبے شروع کئے جائیں گے اور متعلقہ محکموں کو ہدایات جاری کر دی گئی ہیں کہ عوام کو درپیش مسائل فوری طور پر حل کئے جائیں اجلاس میں وزیر اعلیٰ نے کہا کہ حکومت عوامی خدمت پر یقین رکھتی ہے اور اس سلسلے میں کوئی کوتاہی برداشت نہیں کی جائے گی عمران خان کی طرف سے اعلان کے مطابق صوبائی حکومت نے شہریوں کی سہولت کے لئے
بزنس
68
روزنامہ اکثریت
عمران خان کی طرف سے اعلان کے مطابق صوبائی حکومت نے شہریوں کی سہولت ک
بزنس
69
روزنامہ اکثریت
عمران خان کی طرف سے اعلان کے مطابق صوبائی حکومت نے شہریوں کی سہولت کے لئے اقدامات کا فیصلہ کیا ہے جس کے تحت مختلف اضلاع میں ترقیاتی منصوبے شروع کئے جائیں گے اور متعلقہ مح
بزنس
70
روزنامہ اکثریت
عمران خان کی طرف سے اعلان کے مطابق صوبائی حکومت نے شہریوں کی سہولت کے لئے اقدامات کا فیصلہ کیا ہے جس کے تحت مختلف اضلاع میں ترقیاتی منصوبے شروع کئے جائیں گے اور متعلقہ محکموں کو ہدایات جاری کر دی گئی ہیں کہ عوام کو درپیش مسائل فوری طور پر حل کئے جائیں اجلاس میں وزیر اعلیٰ نے کہا کہ حکومت عوامی خدمت پر یقین رکھتی ہے اور اس سلسلے میں کوئی کوتاہی برداشت نہیں کی جائے گی عمران خان کی طرف سے اعلان کے مطابق صوبائی حکومت نے شہریوں کی سہولت کے لئے اقدامات کا فیصلہ کیا ہے جس کے تحت مختلف اضلاع میں ترقیاتی منصوبے شروع کئے جائیں گے اور متعلقہ محکموں کو ہدایات جاری کر دی گئی ہیں کہ عوام کو درپیش مسائل فوری طور پر حل کئے جائیں اجلاس میں وزیر اعلیٰ نے کہا کہ حکومت عوامی خدمت پر یقین رکھتی ہے اور اس سلسلے میں کوئی کوتاہی برداشت نہیں کی جائے گی عمران خان کی طرف سے اعلان کے مطابق صوبائی حکومت نے شہریوں کی سہولت کے لئے اقدامات کا فیصلہ کیا ہے جس کے تحت مختلف اضلاع میں ترقیاتی منصوبے شروع کئے جائیں گے اور متعلقہ محکموں کو ہد
بزنس
71
روزنامہ اکثریت
عمران خان کی طرف سے اعلان کے مطابق صوبائی حکومت نے شہریوں کی سہولت کے لئے اقدامات کا فیصلہ کیا ہے جس کے تحت مختلف اضلاع میں ترقیاتی منصوبے شروع کئے جائیں گے اور متعلقہ محکموں کو ہدایات جاری کر دی گئی ہیں کہ عوام کو درپیش مسائل فوری طور پر حل کئے جائیں اجلاس میں وزیر اعلیٰ نے کہا کہ حکومت عوامی خدمت پر یقین رکھتی ہے اور اس سلسلے میں کوئی کوتاہی برداشت نہیں کی جائے گی عمران خان کی طرف سے اعلان کے مطابق صوبائی حکومت نے شہریوں کی سہولت کے لئے اقدامات کا فیصلہ کیا ہے جس کے تحت مختلف اضلاع میں ترقیاتی منصوبے شروع کئے جائیں گے اور متعلقہ محکموں کو ہدایات جاری کر دی گئی ہیں کہ عوام کو درپیش مسائل فوری طور پر حل کئے جائیں اجلاس میں وزیر اعلیٰ نے کہا کہ حکومت عوامی خدمت پر یقین رکھ
بزنس
72
روزنامہ اکثریت
عمران خان کی طرف سے اعلان کے مطابق صوبائی حکومت نے شہریوں کی سہولت کے لئے اقدامات کا فیصلہ کیا ہے جس کے تحت مختلف اضلاع میں ترقیاتی منصوبے شروع کئے جائیں گے اور متعلقہ محکموں کو ہدایات جاری کر دی گئی ہیں کہ عوام کو درپیش مسائل فوری طور پر حل کئے جائیں اجلاس میں وزیر اعلیٰ نے کہا کہ حکومت عوامی خدمت پر یقین رکھتی ہے اور اس سلسلے میں کوئی کوتاہی برداشت نہیں کی جائے گی عمران خان کی طرف سے اعلان کے مطابق صوبائی حکومت نے شہریوں کی سہولت کے لئے اقدامات کا فیصلہ کیا ہے جس کے تحت مختلف اضلاع میں ترقیاتی منصوبے شر
بزنس
73
روزنامہ اکثریت
عمران خان کی طرف سے اعلان کے مطابق صوبائی حکومت نے شہریوں کی سہولت کے لئے اقدامات کا فیصلہ کیا ہے جس کے تحت مختلف اضلاع میں ترقیاتی منصوبے شروع کئے جائیں گے اور متعلقہ محکموں کو ہدایات جاری کر دی گئی ہیں کہ عوام کو درپیش مسائل فوری طور پر حل کئے جائیں اجلاس میں وزیر اعلیٰ نے کہا کہ حکومت عوامی خدمت پر یقین رکھتی ہے اور اس سلسلے میں کوئی کوتاہی برداشت نہیں کی جائے گی عمران خان کی طرف سے اعلان کے مطابق صوبا
mk/ah/ak
بزنس
74
روزنامہ اکثریت
عمران خان کی طرف سے اعلان کے مطابق صوبائی حکومت نے شہریوں کی سہولت کے لئے اقدامات کا فیصلہ کیا ہے جس کے تحت مختلف اضلاع میں ترقیاتی منصوبے شروع کئے جائیں گے اور متعلقہ محکموں کو ہدایات جاری کر دی گئی ہیں
بزنس
75
روزنامہ اکثریت
عمران خان کی طرف سے اعلان کے مطابق صوبائی حکومت نے شہریوں کی سہولت کے لئے اقدامات کا فیصلہ کیا ہے جس کے تحت مختلف اضلاع میں ترقیاتی منصوبے شروع کئے جائیں گے اور متعلقہ محکموں کو ہدایات جاری کر دی گئی ہیں کہ عوام کو درپیش مسائل فوری طور پر حل کئے جائیں اجلاس میں وزیر اعلیٰ نے کہا کہ حکومت عوامی خدمت پر یقین رکھتی ہے اور اس سلسلے میں کوئی کوتاہی برداشت نہیں کی جائے گی عمران
بزنس
76
روزنامہ اکثریت
عمران خان کی طرف سے اعلان کے مطابق صوبائی حکومت نے شہریوں کی سہولت کے لئے اقدامات کا فیصلہ کیا ہے جس کے تحت مختلف اضلاع میں ترقیاتی منصوبے شروع کئے جائیں گے اور متعلقہ محکموں کو ہدایات جاری کر دی گئی ہیں کہ عوام کو درپیش مسائل فوری طور پر حل کئے جائیں اجلاس میں وزیر اعلیٰ
